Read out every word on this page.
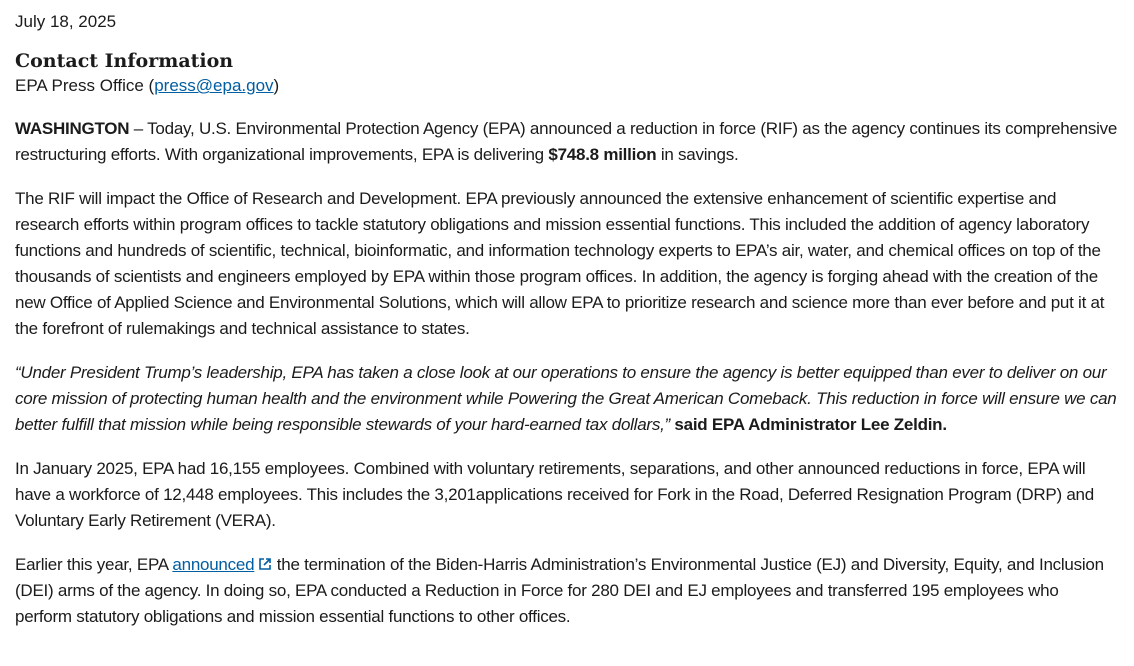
July 18, 2025
Contact Information
EPA Press Office (press@epa.gov)

WASHINGTON – Today, U.S. Environmental Protection Agency (EPA) announced a reduction in force (RIF) as the agency continues its comprehensive restructuring efforts. With organizational improvements, EPA is delivering $748.8 million in savings.

The RIF will impact the Office of Research and Development. EPA previously announced the extensive enhancement of scientific expertise and research efforts within program offices to tackle statutory obligations and mission essential functions. This included the addition of agency laboratory functions and hundreds of scientific, technical, bioinformatic, and information technology experts to EPA’s air, water, and chemical offices on top of the thousands of scientists and engineers employed by EPA within those program offices. In addition, the agency is forging ahead with the creation of the new Office of Applied Science and Environmental Solutions, which will allow EPA to prioritize research and science more than ever before and put it at the forefront of rulemakings and technical assistance to states.

“Under President Trump’s leadership, EPA has taken a close look at our operations to ensure the agency is better equipped than ever to deliver on our core mission of protecting human health and the environment while Powering the Great American Comeback. This reduction in force will ensure we can better fulfill that mission while being responsible stewards of your hard-earned tax dollars,” said EPA Administrator Lee Zeldin.

In January 2025, EPA had 16,155 employees. Combined with voluntary retirements, separations, and other announced reductions in force, EPA will have a workforce of 12,448 employees. This includes the 3,201applications received for Fork in the Road, Deferred Resignation Program (DRP) and Voluntary Early Retirement (VERA).

Earlier this year, EPA announced the termination of the Biden-Harris Administration’s Environmental Justice (EJ) and Diversity, Equity, and Inclusion (DEI) arms of the agency. In doing so, EPA conducted a Reduction in Force for 280 DEI and EJ employees and transferred 195 employees who perform statutory obligations and mission essential functions to other offices.
